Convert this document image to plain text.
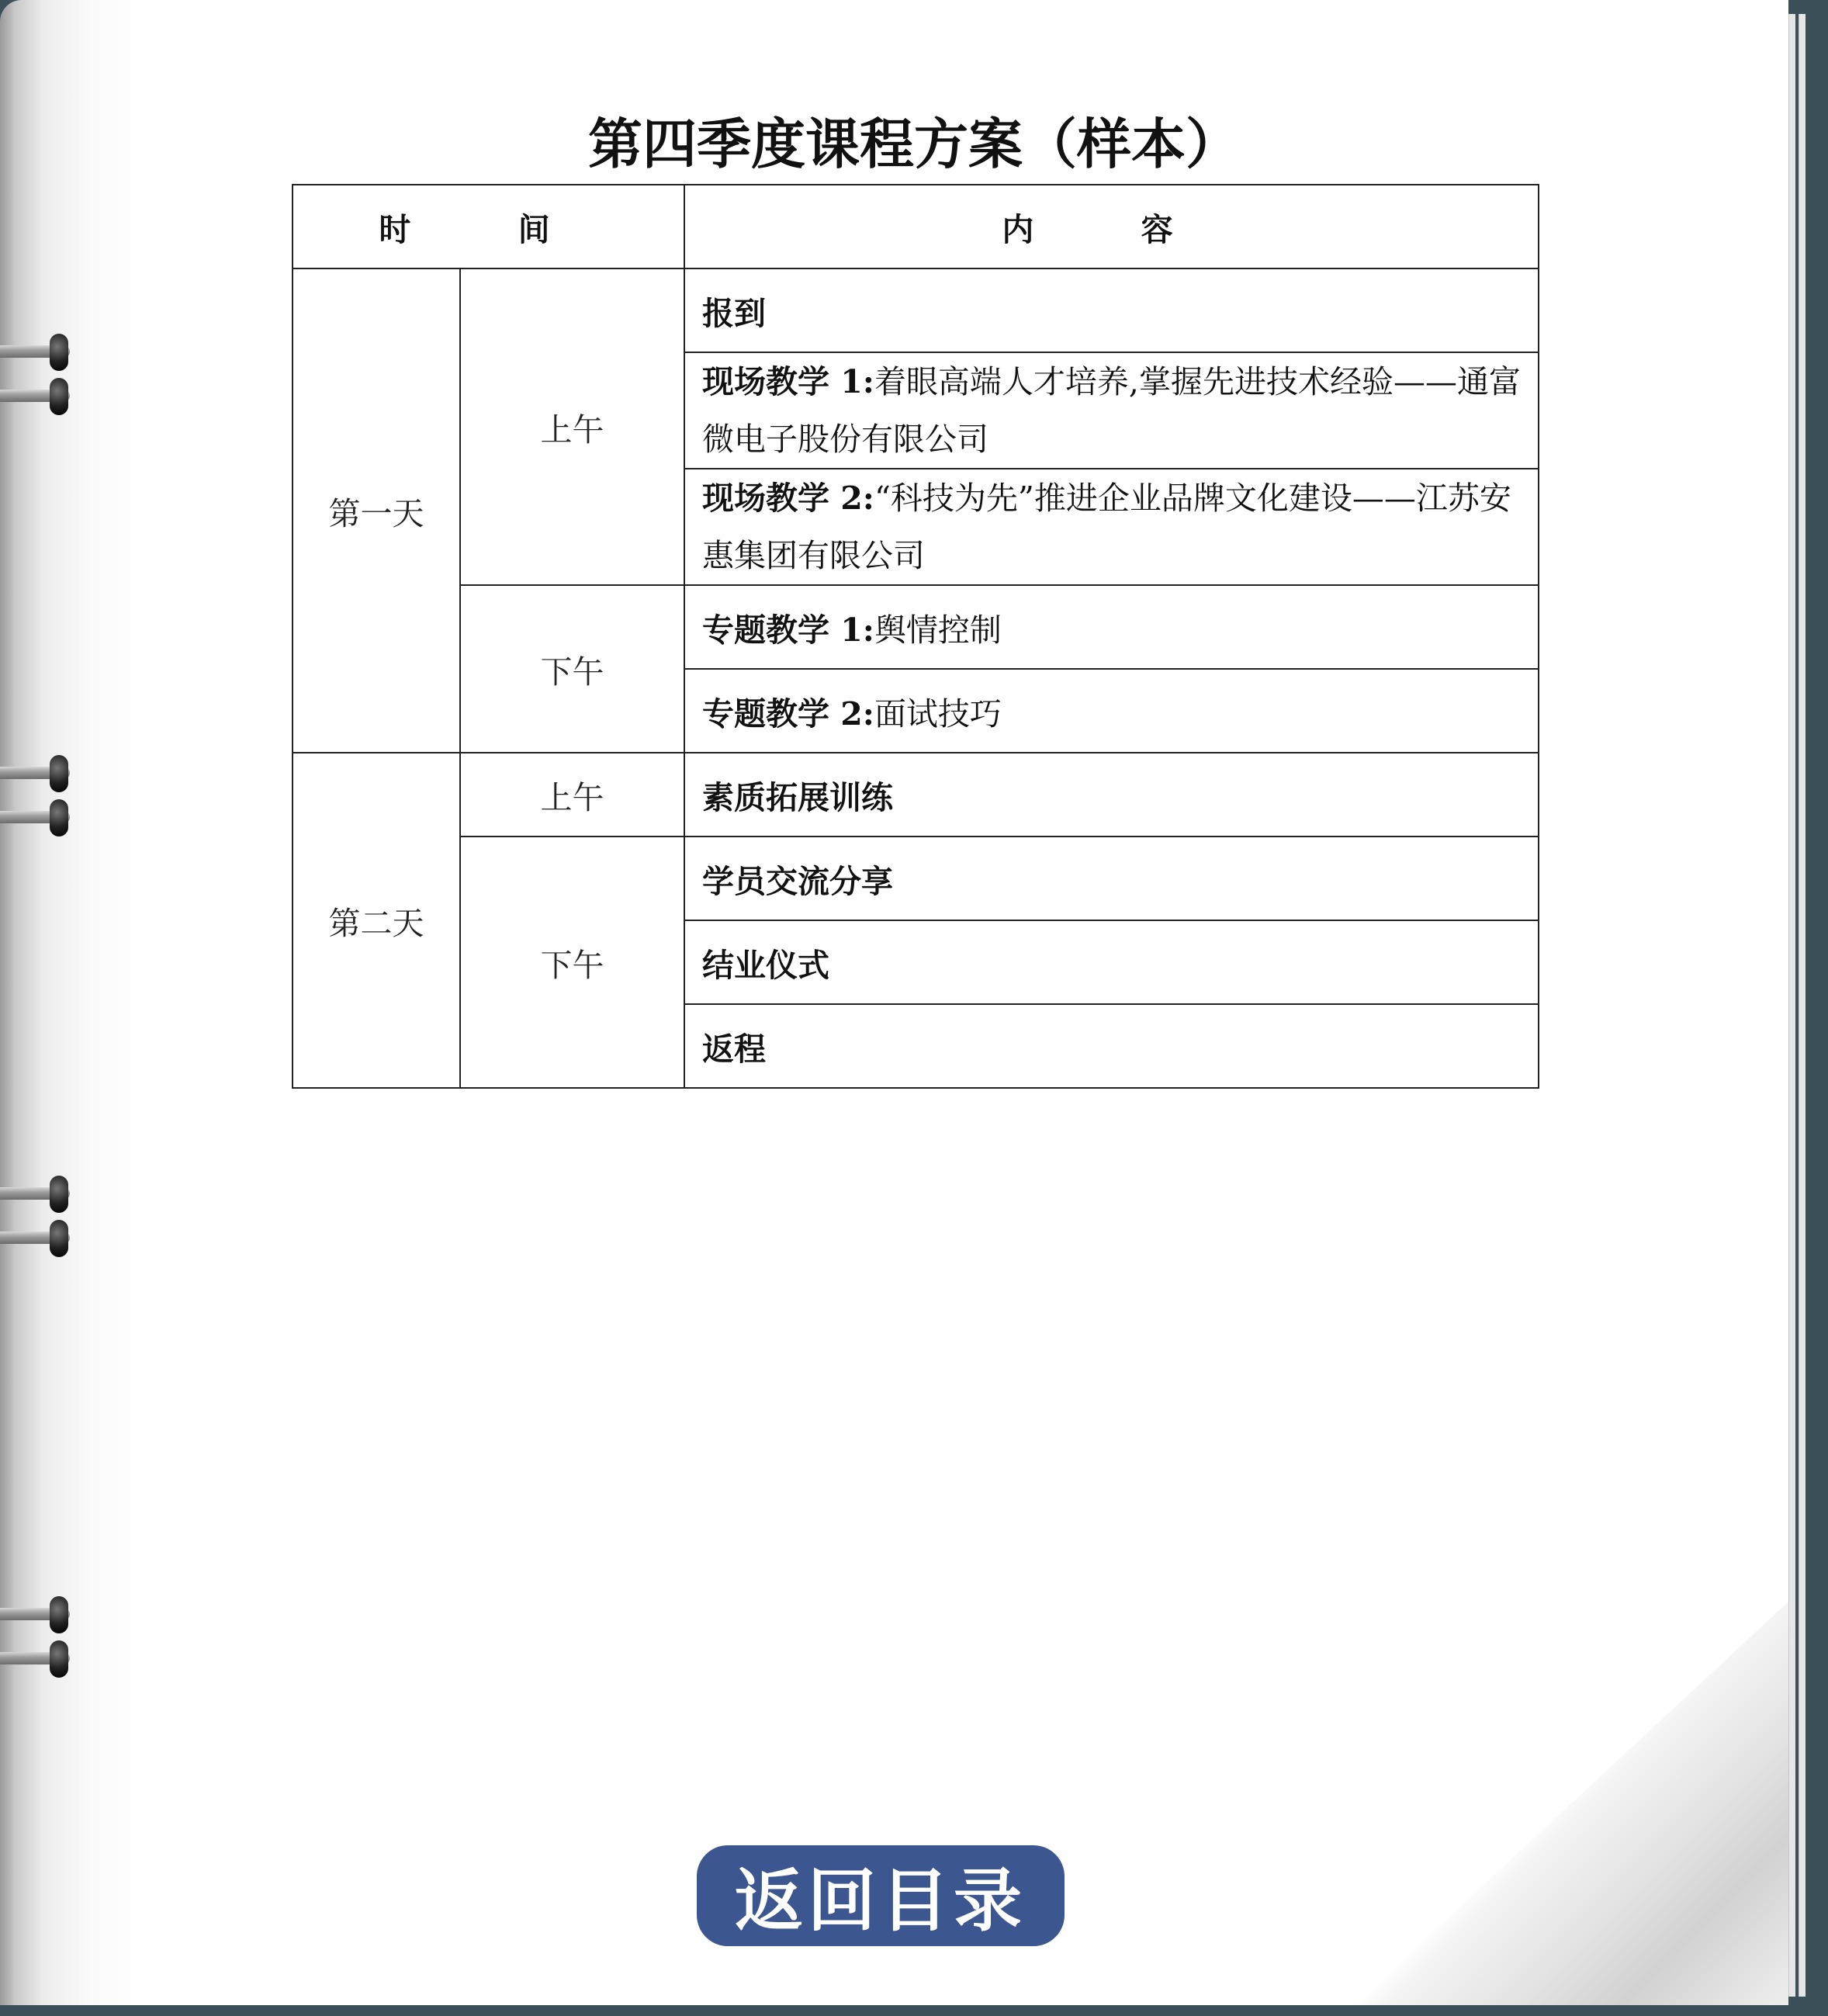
第四季度课程方案（样本）
时 间		内 容
第一天	上午	报到
		现场教学 1:着眼高端人才培养,掌握先进技术经验——通富微电子股份有限公司
		现场教学 2:“科技为先”推进企业品牌文化建设——江苏安惠集团有限公司
	下午	专题教学 1:舆情控制
		专题教学 2:面试技巧
第二天	上午	素质拓展训练
	下午	学员交流分享
		结业仪式
		返程
返回目录
